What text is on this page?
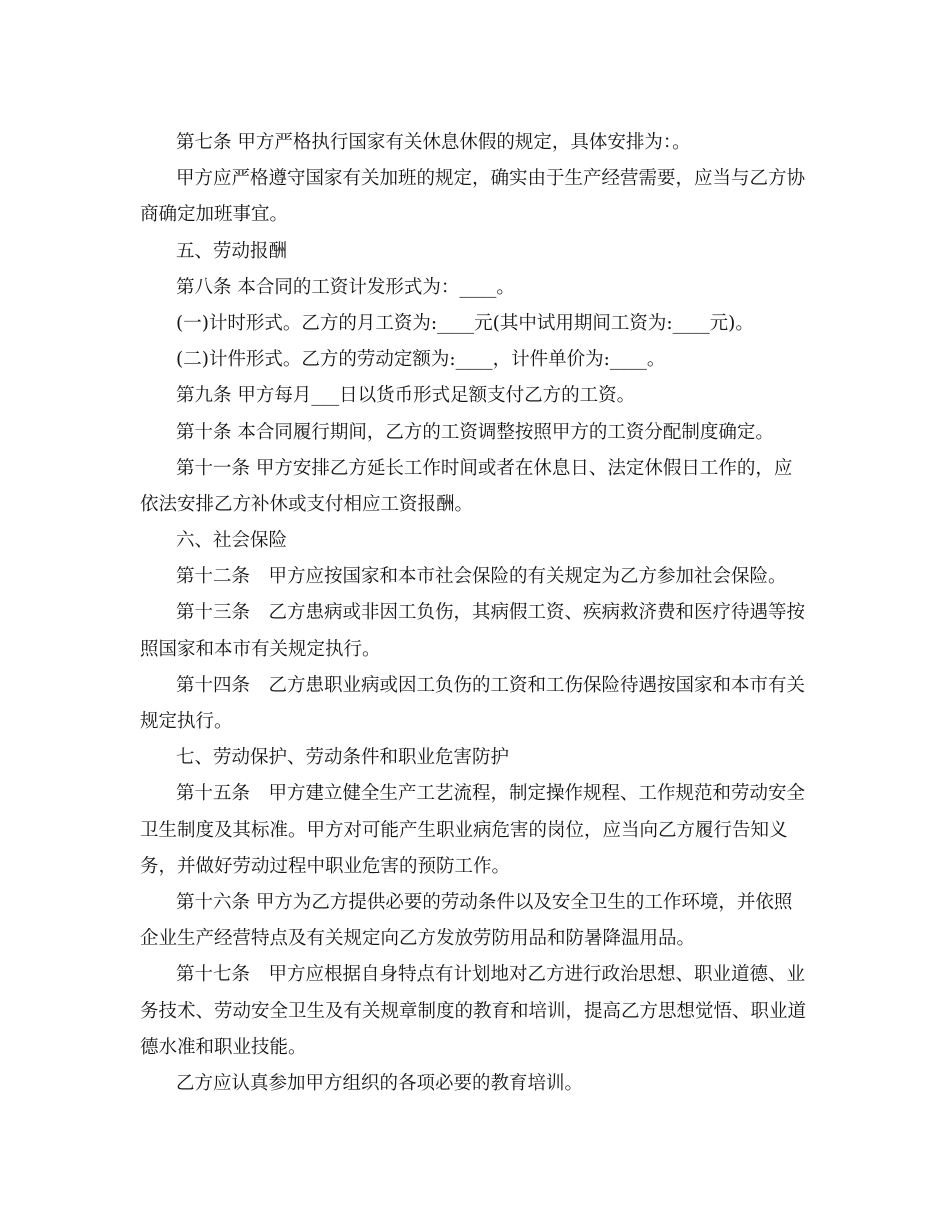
第七条 甲方严格执行国家有关休息休假的规定，具体安排为：。
甲方应严格遵守国家有关加班的规定，确实由于生产经营需要，应当与乙方协
商确定加班事宜。
五、劳动报酬
第八条 本合同的工资计发形式为：____。
(一)计时形式。乙方的月工资为:____元(其中试用期间工资为:____元)。
(二)计件形式。乙方的劳动定额为:____，计件单价为:____。
第九条 甲方每月___日以货币形式足额支付乙方的工资。
第十条 本合同履行期间，乙方的工资调整按照甲方的工资分配制度确定。
第十一条 甲方安排乙方延长工作时间或者在休息日、法定休假日工作的，应
依法安排乙方补休或支付相应工资报酬。
六、社会保险
第十二条　甲方应按国家和本市社会保险的有关规定为乙方参加社会保险。
第十三条　乙方患病或非因工负伤，其病假工资、疾病救济费和医疗待遇等按
照国家和本市有关规定执行。
第十四条　乙方患职业病或因工负伤的工资和工伤保险待遇按国家和本市有关
规定执行。
七、劳动保护、劳动条件和职业危害防护
第十五条　甲方建立健全生产工艺流程，制定操作规程、工作规范和劳动安全
卫生制度及其标准。甲方对可能产生职业病危害的岗位，应当向乙方履行告知义
务，并做好劳动过程中职业危害的预防工作。
第十六条 甲方为乙方提供必要的劳动条件以及安全卫生的工作环境，并依照
企业生产经营特点及有关规定向乙方发放劳防用品和防暑降温用品。
第十七条　甲方应根据自身特点有计划地对乙方进行政治思想、职业道德、业
务技术、劳动安全卫生及有关规章制度的教育和培训，提高乙方思想觉悟、职业道
德水准和职业技能。
乙方应认真参加甲方组织的各项必要的教育培训。
